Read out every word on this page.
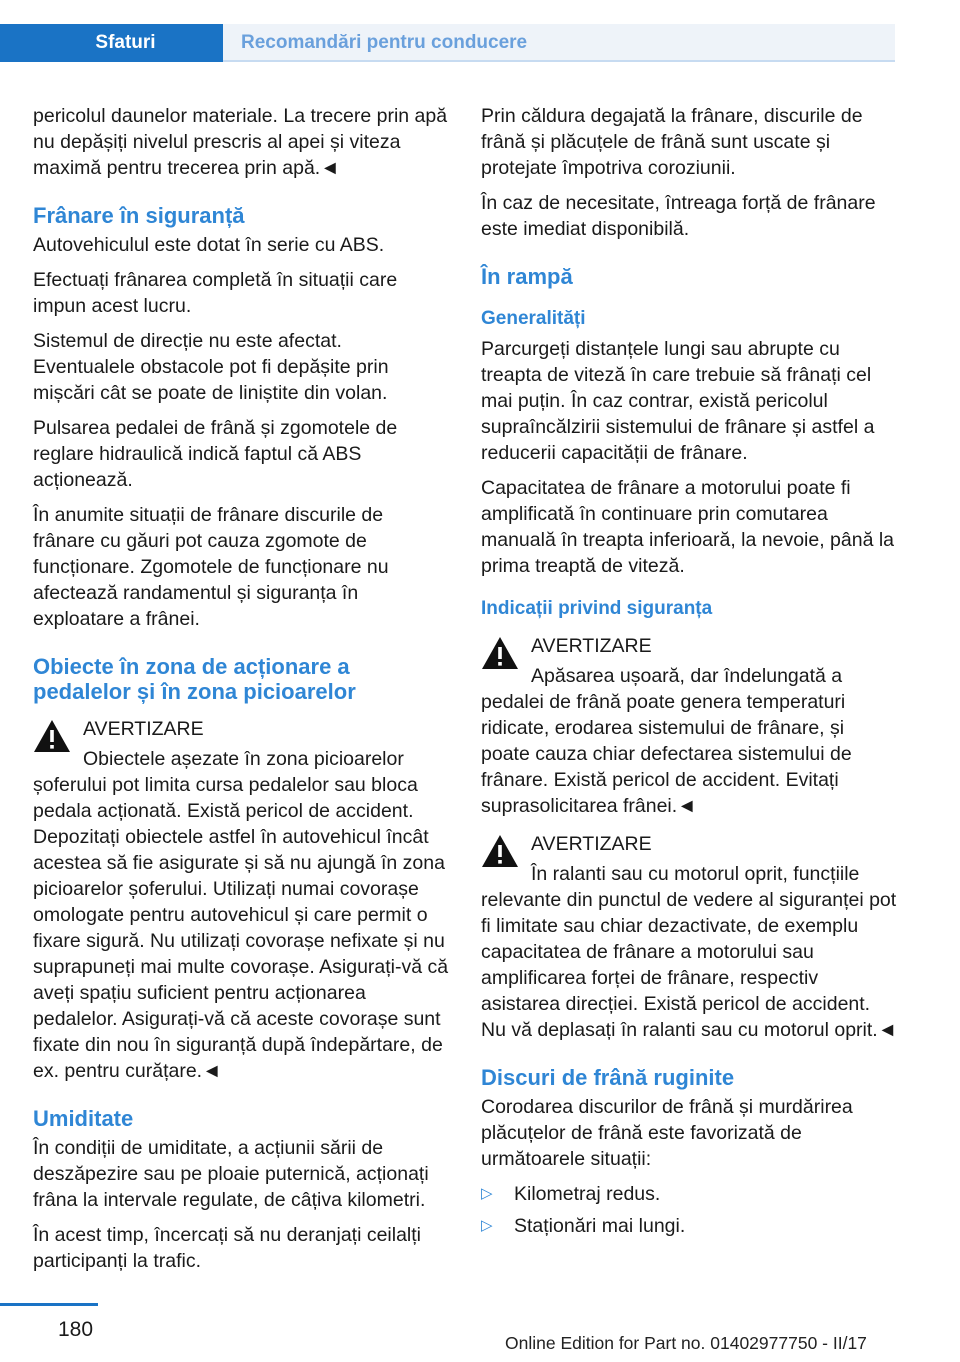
Sfaturi	Recomandări pentru conducere

pericolul daunelor materiale. La trecere prin apă nu depășiți nivelul prescris al apei și viteza maximă pentru trecerea prin apă.◄

Frânare în siguranță

Autovehiculul este dotat în serie cu ABS.

Efectuați frânarea completă în situații care impun acest lucru.

Sistemul de direcție nu este afectat. Eventualele obstacole pot fi depășite prin mișcări cât se poate de liniștite din volan.

Pulsarea pedalei de frână și zgomotele de reglare hidraulică indică faptul că ABS acționează.

În anumite situații de frânare discurile de frânare cu găuri pot cauza zgomote de funcționare. Zgomotele de funcționare nu afectează randamentul și siguranța în exploatare a frânei.

Obiecte în zona de acționare a pedalelor și în zona picioarelor
AVERTIZARE
Obiectele așezate în zona picioarelor șoferului pot limita cursa pedalelor sau bloca pedala acționată. Există pericol de accident. Depozitați obiectele astfel în autovehicul încât acestea să fie asigurate și să nu ajungă în zona picioarelor șoferului. Utilizați numai covorașe omologate pentru autovehicul și care permit o fixare sigură. Nu utilizați covorașe nefixate și nu suprapuneți mai multe covorașe. Asigurați-vă că aveți spațiu suficient pentru acționarea pedalelor. Asigurați-vă că aceste covorașe sunt fixate din nou în siguranță după îndepărtare, de ex. pentru curățare.◄
Umiditate

În condiții de umiditate, a acțiunii sării de deszăpezire sau pe ploaie puternică, acționați frâna la intervale regulate, de câțiva kilometri.

În acest timp, încercați să nu deranjați ceilalți participanți la trafic.

Prin căldura degajată la frânare, discurile de frână și plăcuțele de frână sunt uscate și protejate împotriva coroziunii.

În caz de necesitate, întreaga forță de frânare este imediat disponibilă.

În rampă
Generalități

Parcurgeți distanțele lungi sau abrupte cu treapta de viteză în care trebuie să frânați cel mai puțin. În caz contrar, există pericolul supraîncălzirii sistemului de frânare și astfel a reducerii capacității de frânare.

Capacitatea de frânare a motorului poate fi amplificată în continuare prin comutarea manuală în treapta inferioară, la nevoie, până la prima treaptă de viteză.

Indicații privind siguranța
AVERTIZARE
Apăsarea ușoară, dar îndelungată a pedalei de frână poate genera temperaturi ridicate, erodarea sistemului de frânare, și poate cauza chiar defectarea sistemului de frânare. Există pericol de accident. Evitați suprasolicitarea frânei.◄
AVERTIZARE
În ralanti sau cu motorul oprit, funcțiile relevante din punctul de vedere al siguranței pot fi limitate sau chiar dezactivate, de exemplu capacitatea de frânare a motorului sau amplificarea forței de frânare, respectiv asistarea direcției. Există pericol de accident. Nu vă deplasați în ralanti sau cu motorul oprit.◄
Discuri de frână ruginite

Corodarea discurilor de frână și murdărirea plăcuțelor de frână este favorizată de următoarele situații:

▷ Kilometraj redus.
▷ Staționări mai lungi.
180
Online Edition for Part no. 01402977750 - II/17
